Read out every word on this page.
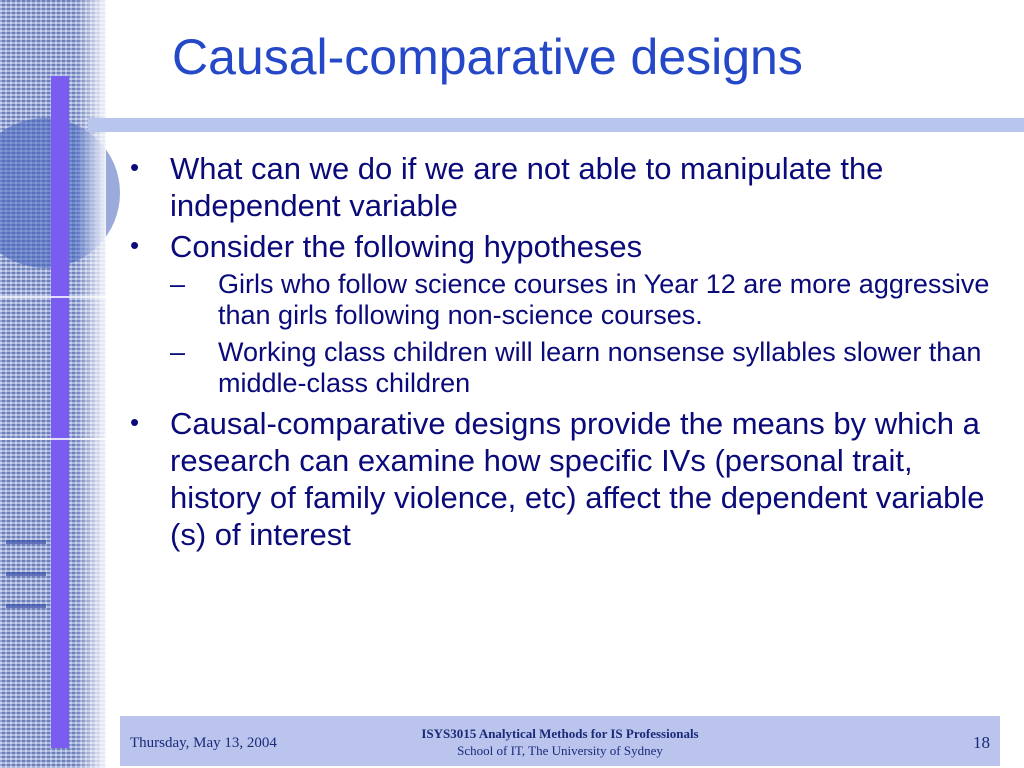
Causal-comparative designs
• What can we do if we are not able to manipulate the independent variable
• Consider the following hypotheses
– Girls who follow science courses in Year 12 are more aggressive than girls following non-science courses.
– Working class children will learn nonsense syllables slower than middle-class children
• Causal-comparative designs provide the means by which a research can examine how specific IVs (personal trait, history of family violence, etc) affect the dependent variable (s) of interest
Thursday, May 13, 2004
ISYS3015 Analytical Methods for IS Professionals
School of IT, The University of Sydney	18
